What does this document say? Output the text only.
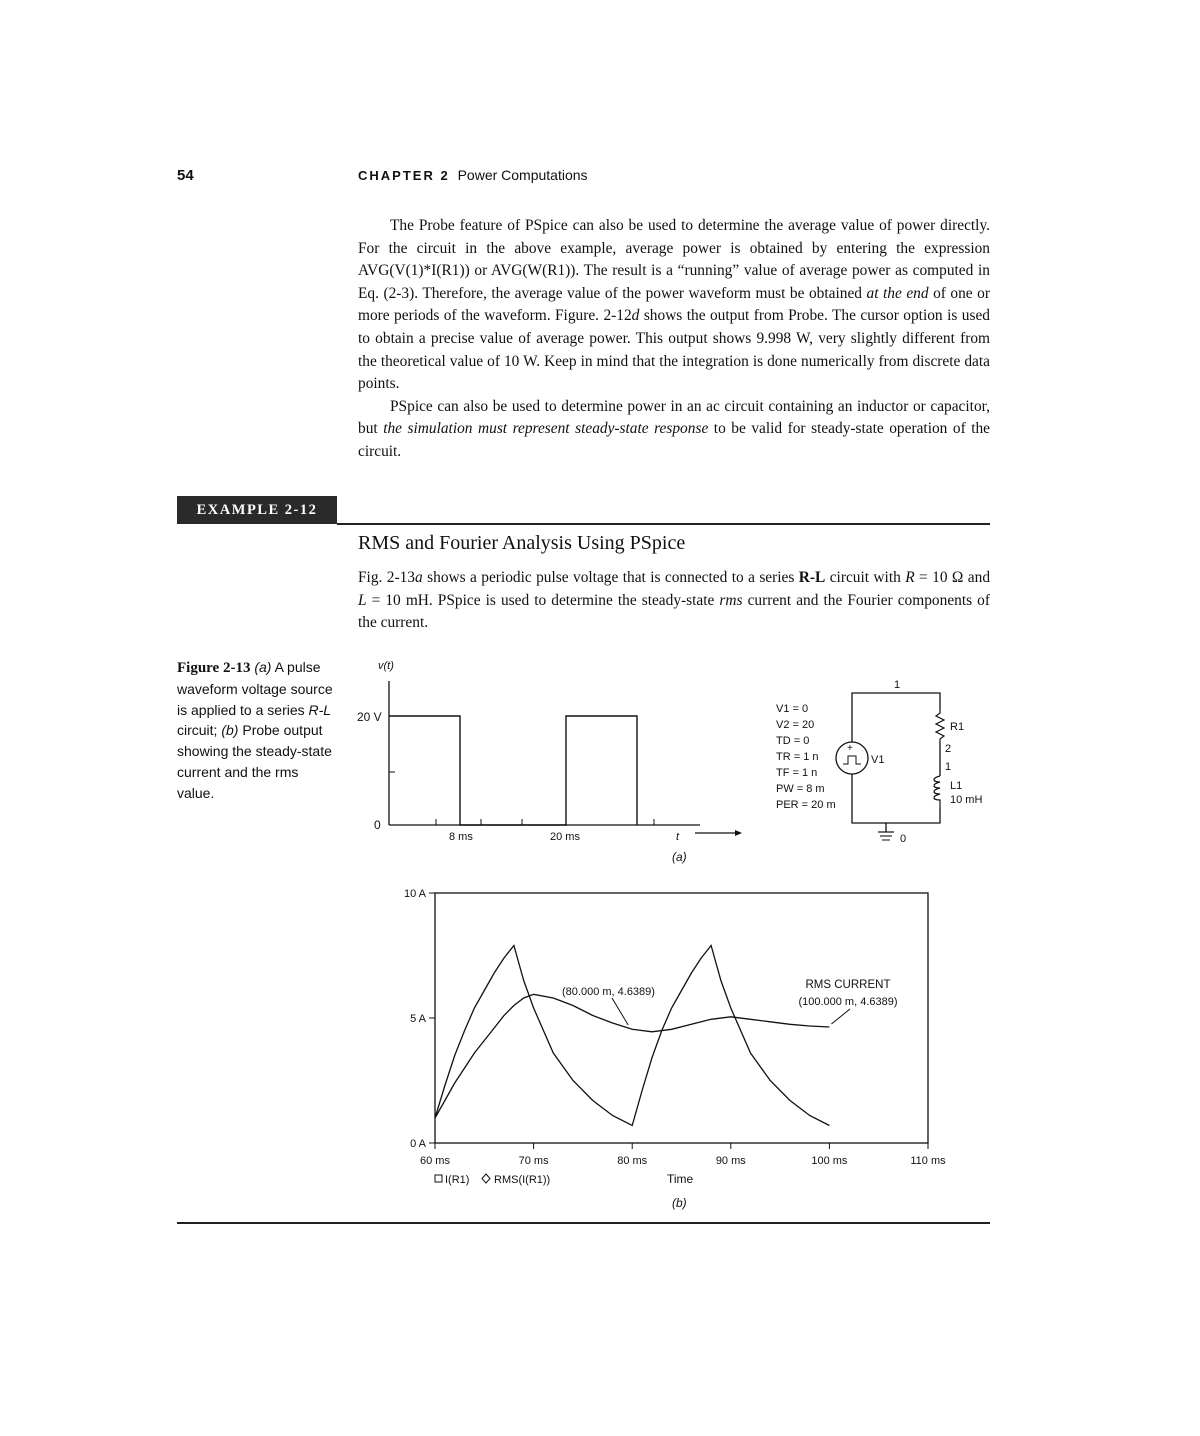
54	CHAPTER 2 Power Computations

The Probe feature of PSpice can also be used to determine the average value of power directly. For the circuit in the above example, average power is obtained by entering the expression AVG(V(1)*I(R1)) or AVG(W(R1)). The result is a “running” value of average power as computed in Eq. (2-3). Therefore, the average value of the power waveform must be obtained at the end of one or more periods of the waveform. Figure. 2-12d shows the output from Probe. The cursor option is used to obtain a precise value of average power. This output shows 9.998 W, very slightly different from the theoretical value of 10 W. Keep in mind that the integration is done numerically from discrete data points.

PSpice can also be used to determine power in an ac circuit containing an inductor or capacitor, but the simulation must represent steady-state response to be valid for steady-state operation of the circuit.

EXAMPLE 2-12
RMS and Fourier Analysis Using PSpice

Fig. 2-13a shows a periodic pulse voltage that is connected to a series R-L circuit with R = 10 Ω and L = 10 mH. PSpice is used to determine the steady-state rms current and the Fourier components of the current.

Figure 2-13 (a) A pulse waveform voltage source is applied to a series R-L circuit; (b) Probe output showing the steady-state current and the rms value.
v(t)
20 V
0
8 ms	20 ms	t
(a)
1
+
V1
R1
2
1
L1
10 mH
0
V1 = 0
V2 = 20
TD = 0
TR = 1 n
TF = 1 n
PW = 8 m
PER = 20 m
0 A
5 A
10 A
60 ms	70 ms	80 ms	90 ms	100 ms	110 ms
(80.000 m, 4.6389)
RMS CURRENT
(100.000 m, 4.6389)
I(R1) RMS(I(R1))	Time
(b)
